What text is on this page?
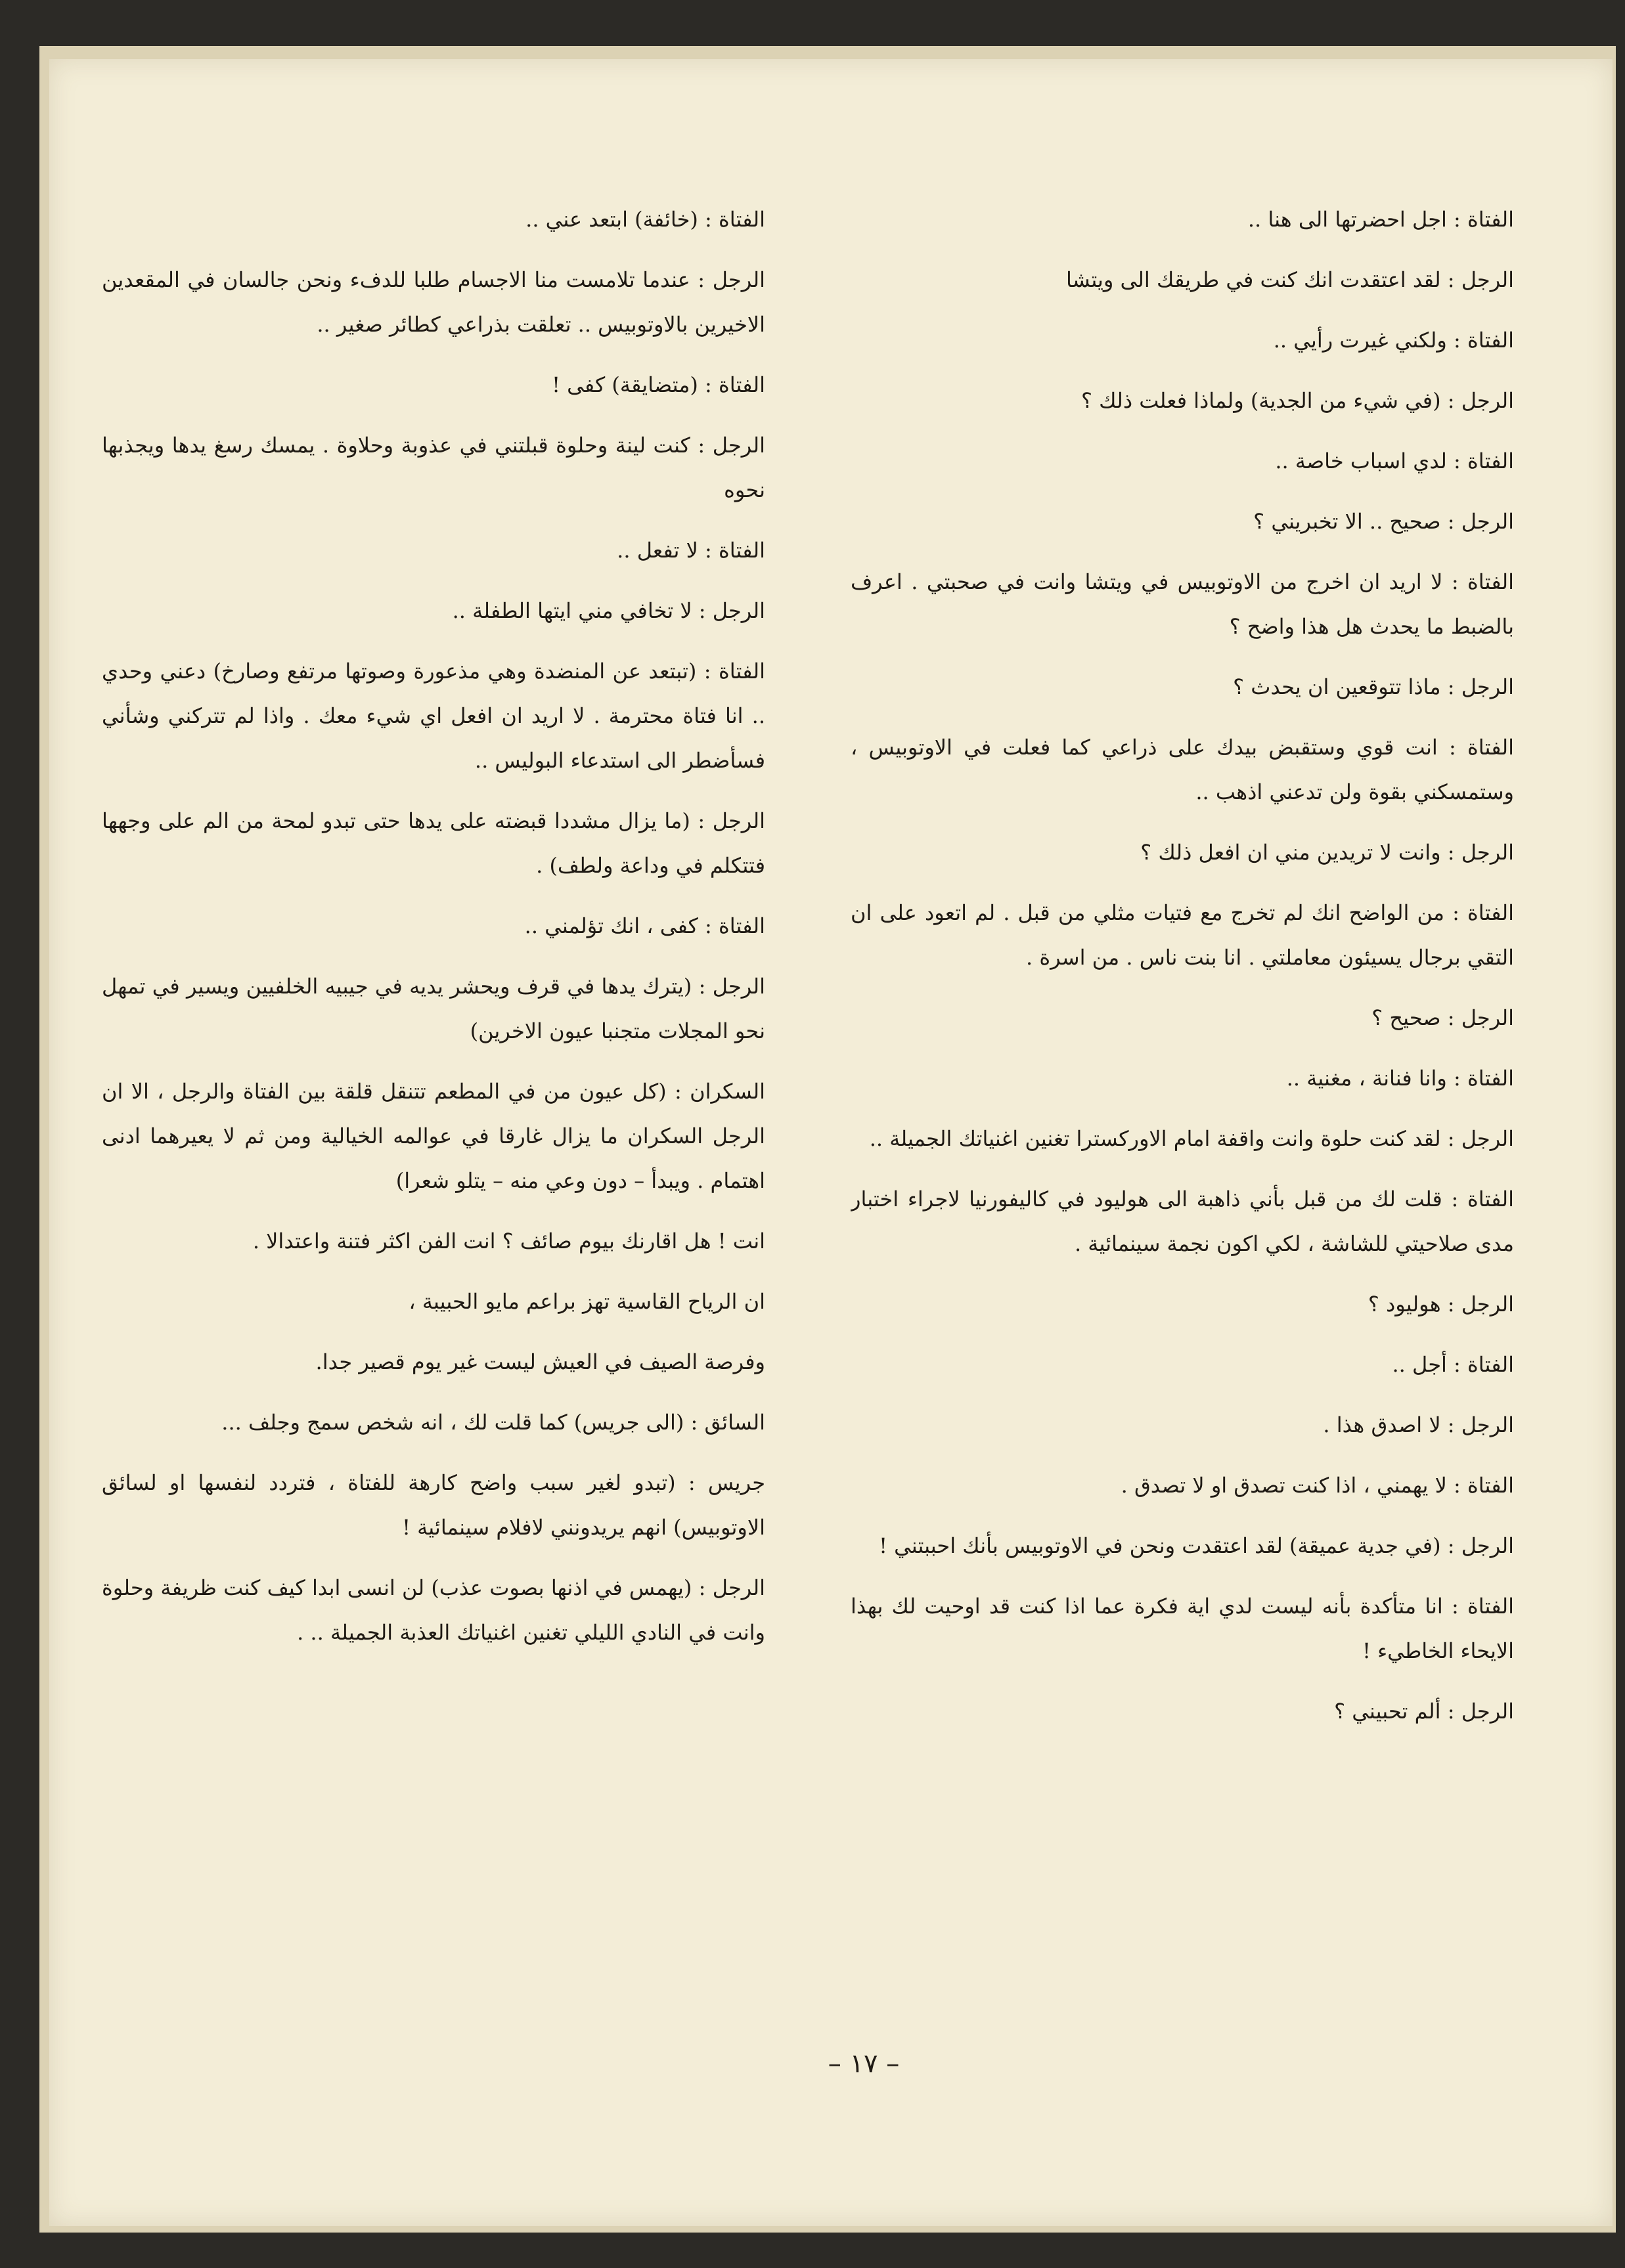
الفتاة : اجل احضرتها الى هنا ..

الرجل : لقد اعتقدت انك كنت في طريقك الى ويتشا

الفتاة : ولكني غيرت رأيي ..

الرجل : (في شيء من الجدية) ولماذا فعلت ذلك ؟

الفتاة : لدي اسباب خاصة ..

الرجل : صحيح .. الا تخبريني ؟

الفتاة : لا اريد ان اخرج من الاوتوبيس في ويتشا وانت في صحبتي . اعرف بالضبط ما يحدث هل هذا واضح ؟

الرجل : ماذا تتوقعين ان يحدث ؟

الفتاة : انت قوي وستقبض بيدك على ذراعي كما فعلت في الاوتوبيس ، وستمسكني بقوة ولن تدعني اذهب ..

الرجل : وانت لا تريدين مني ان افعل ذلك ؟

الفتاة : من الواضح انك لم تخرج مع فتيات مثلي من قبل . لم اتعود على ان التقي برجال يسيئون معاملتي . انا بنت ناس . من اسرة .

الرجل : صحيح ؟

الفتاة : وانا فنانة ، مغنية ..

الرجل : لقد كنت حلوة وانت واقفة امام الاوركسترا تغنين اغنياتك الجميلة ..

الفتاة : قلت لك من قبل بأني ذاهبة الى هوليود في كاليفورنيا لاجراء اختبار مدى صلاحيتي للشاشة ، لكي اكون نجمة سينمائية .

الرجل : هوليود ؟

الفتاة : أجل ..

الرجل : لا اصدق هذا .

الفتاة : لا يهمني ، اذا كنت تصدق او لا تصدق .

الرجل : (في جدية عميقة) لقد اعتقدت ونحن في الاوتوبيس بأنك احببتني !

الفتاة : انا متأكدة بأنه ليست لدي اية فكرة عما اذا كنت قد اوحيت لك بهذا الايحاء الخاطيء !

الرجل : ألم تحبيني ؟

الفتاة : (خائفة) ابتعد عني ..

الرجل : عندما تلامست منا الاجسام طلبا للدفء ونحن جالسان في المقعدين الاخيرين بالاوتوبيس .. تعلقت بذراعي كطائر صغير ..

الفتاة : (متضايقة) كفى !

الرجل : كنت لينة وحلوة قبلتني في عذوبة وحلاوة . يمسك رسغ يدها ويجذبها نحوه

الفتاة : لا تفعل ..

الرجل : لا تخافي مني ايتها الطفلة ..

الفتاة : (تبتعد عن المنضدة وهي مذعورة وصوتها مرتفع وصارخ) دعني وحدي .. انا فتاة محترمة . لا اريد ان افعل اي شيء معك . واذا لم تتركني وشأني فسأضطر الى استدعاء البوليس ..

الرجل : (ما يزال مشددا قبضته على يدها حتى تبدو لمحة من الم على وجهها فتتكلم في وداعة ولطف) .

الفتاة : كفى ، انك تؤلمني ..

الرجل : (يترك يدها في قرف ويحشر يديه في جيبيه الخلفيين ويسير في تمهل نحو المجلات متجنبا عيون الاخرين)

السكران : (كل عيون من في المطعم تتنقل قلقة بين الفتاة والرجل ، الا ان الرجل السكران ما يزال غارقا في عوالمه الخيالية ومن ثم لا يعيرهما ادنى اهتمام . ويبدأ – دون وعي منه – يتلو شعرا)

انت ! هل اقارنك بيوم صائف ؟ انت الفن اكثر فتنة واعتدالا .

ان الرياح القاسية تهز براعم مايو الحبيبة ،

وفرصة الصيف في العيش ليست غير يوم قصير جدا.

السائق : (الى جريس) كما قلت لك ، انه شخص سمج وجلف ...

جريس : (تبدو لغير سبب واضح كارهة للفتاة ، فتردد لنفسها او لسائق الاوتوبيس) انهم يريدونني لافلام سينمائية !

الرجل : (يهمس في اذنها بصوت عذب) لن انسى ابدا كيف كنت ظريفة وحلوة وانت في النادي الليلي تغنين اغنياتك العذبة الجميلة .. .

– ١٧ –
